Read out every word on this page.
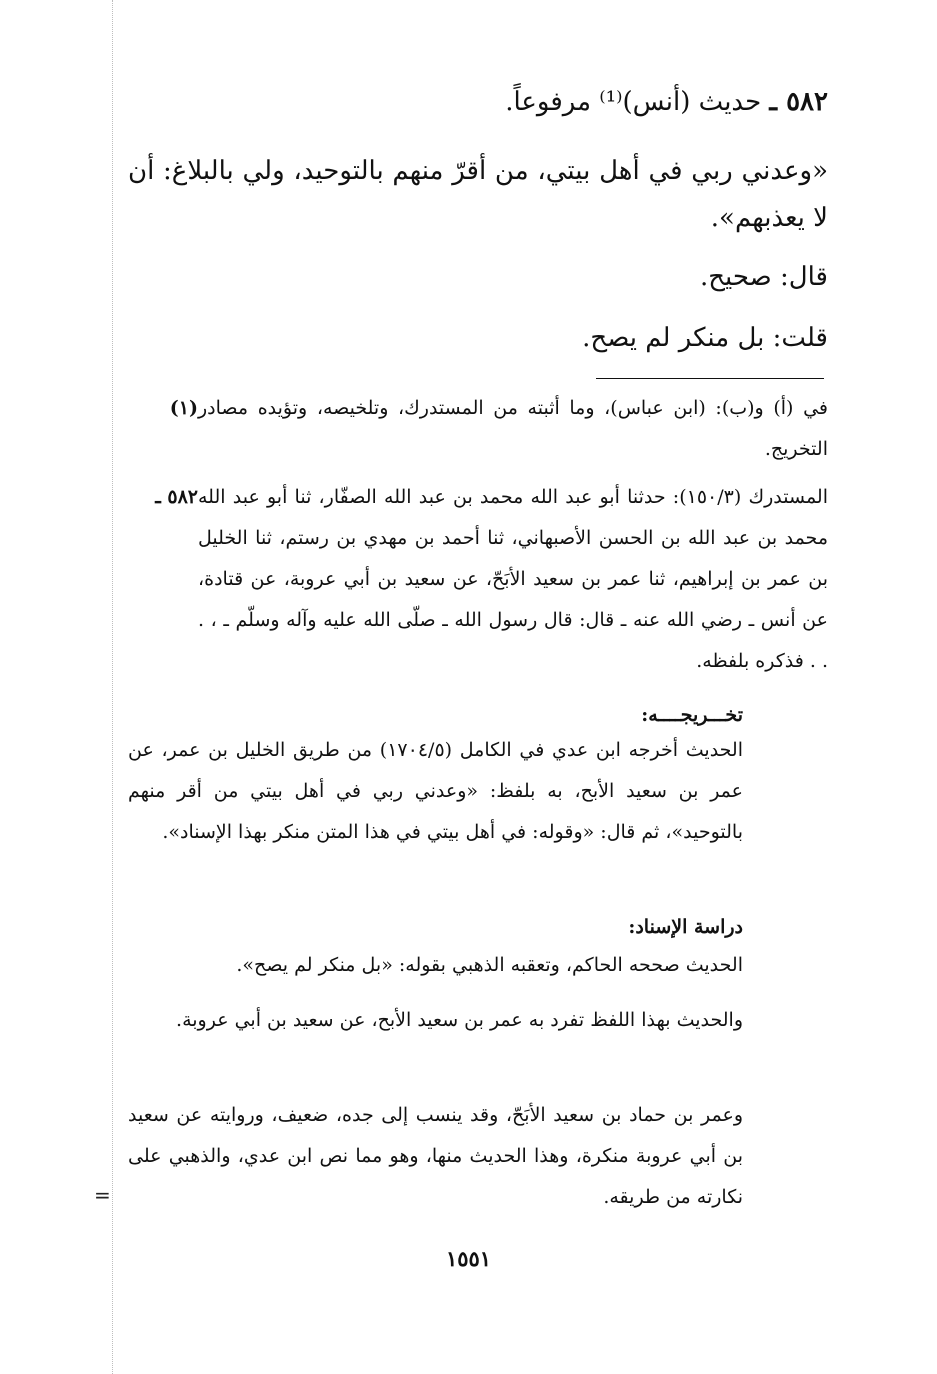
=
٥٨٢ ـ حديث (أنس)⁽¹⁾ مرفوعاً.
«وعدني ربي في أهل بيتي، من أقرّ منهم بالتوحيد، ولي بالبلاغ: أن لا يعذبهم».
قال: صحيح.
قلت: بل منكر لم يصح.
(١) في (أ) و(ب): (ابن عباس)، وما أثبته من المستدرك، وتلخيصه، وتؤيده مصادر التخريج.
٥٨٢ ـ المستدرك (١٥٠/٣): حدثنا أبو عبد الله محمد بن عبد الله الصفّار، ثنا أبو عبد الله محمد بن عبد الله بن الحسن الأصبهاني، ثنا أحمد بن مهدي بن رستم، ثنا الخليل بن عمر بن إبراهيم، ثنا عمر بن سعيد الأبَحّ، عن سعيد بن أبي عروبة، عن قتادة، عن أنس ـ رضي الله عنه ـ قال: قال رسول الله ـ صلّى الله عليه وآله وسلّم ـ ، . . . فذكره بلفظه.
تخـــريجــــه:
الحديث أخرجه ابن عدي في الكامل (١٧٠٤/٥) من طريق الخليل بن عمر، عن عمر بن سعيد الأبح، به بلفظ: «وعدني ربي في أهل بيتي من أقر منهم بالتوحيد»، ثم قال: «وقوله: في أهل بيتي في هذا المتن منكر بهذا الإسناد».
دراسة الإسناد:
الحديث صححه الحاكم، وتعقبه الذهبي بقوله: «بل منكر لم يصح».
والحديث بهذا اللفظ تفرد به عمر بن سعيد الأبح، عن سعيد بن أبي عروبة.
وعمر بن حماد بن سعيد الأبَحّ، وقد ينسب إلى جده، ضعيف، وروايته عن سعيد بن أبي عروبة منكرة، وهذا الحديث منها، وهو مما نص ابن عدي، والذهبي على نكارته من طريقه.
١٥٥١
